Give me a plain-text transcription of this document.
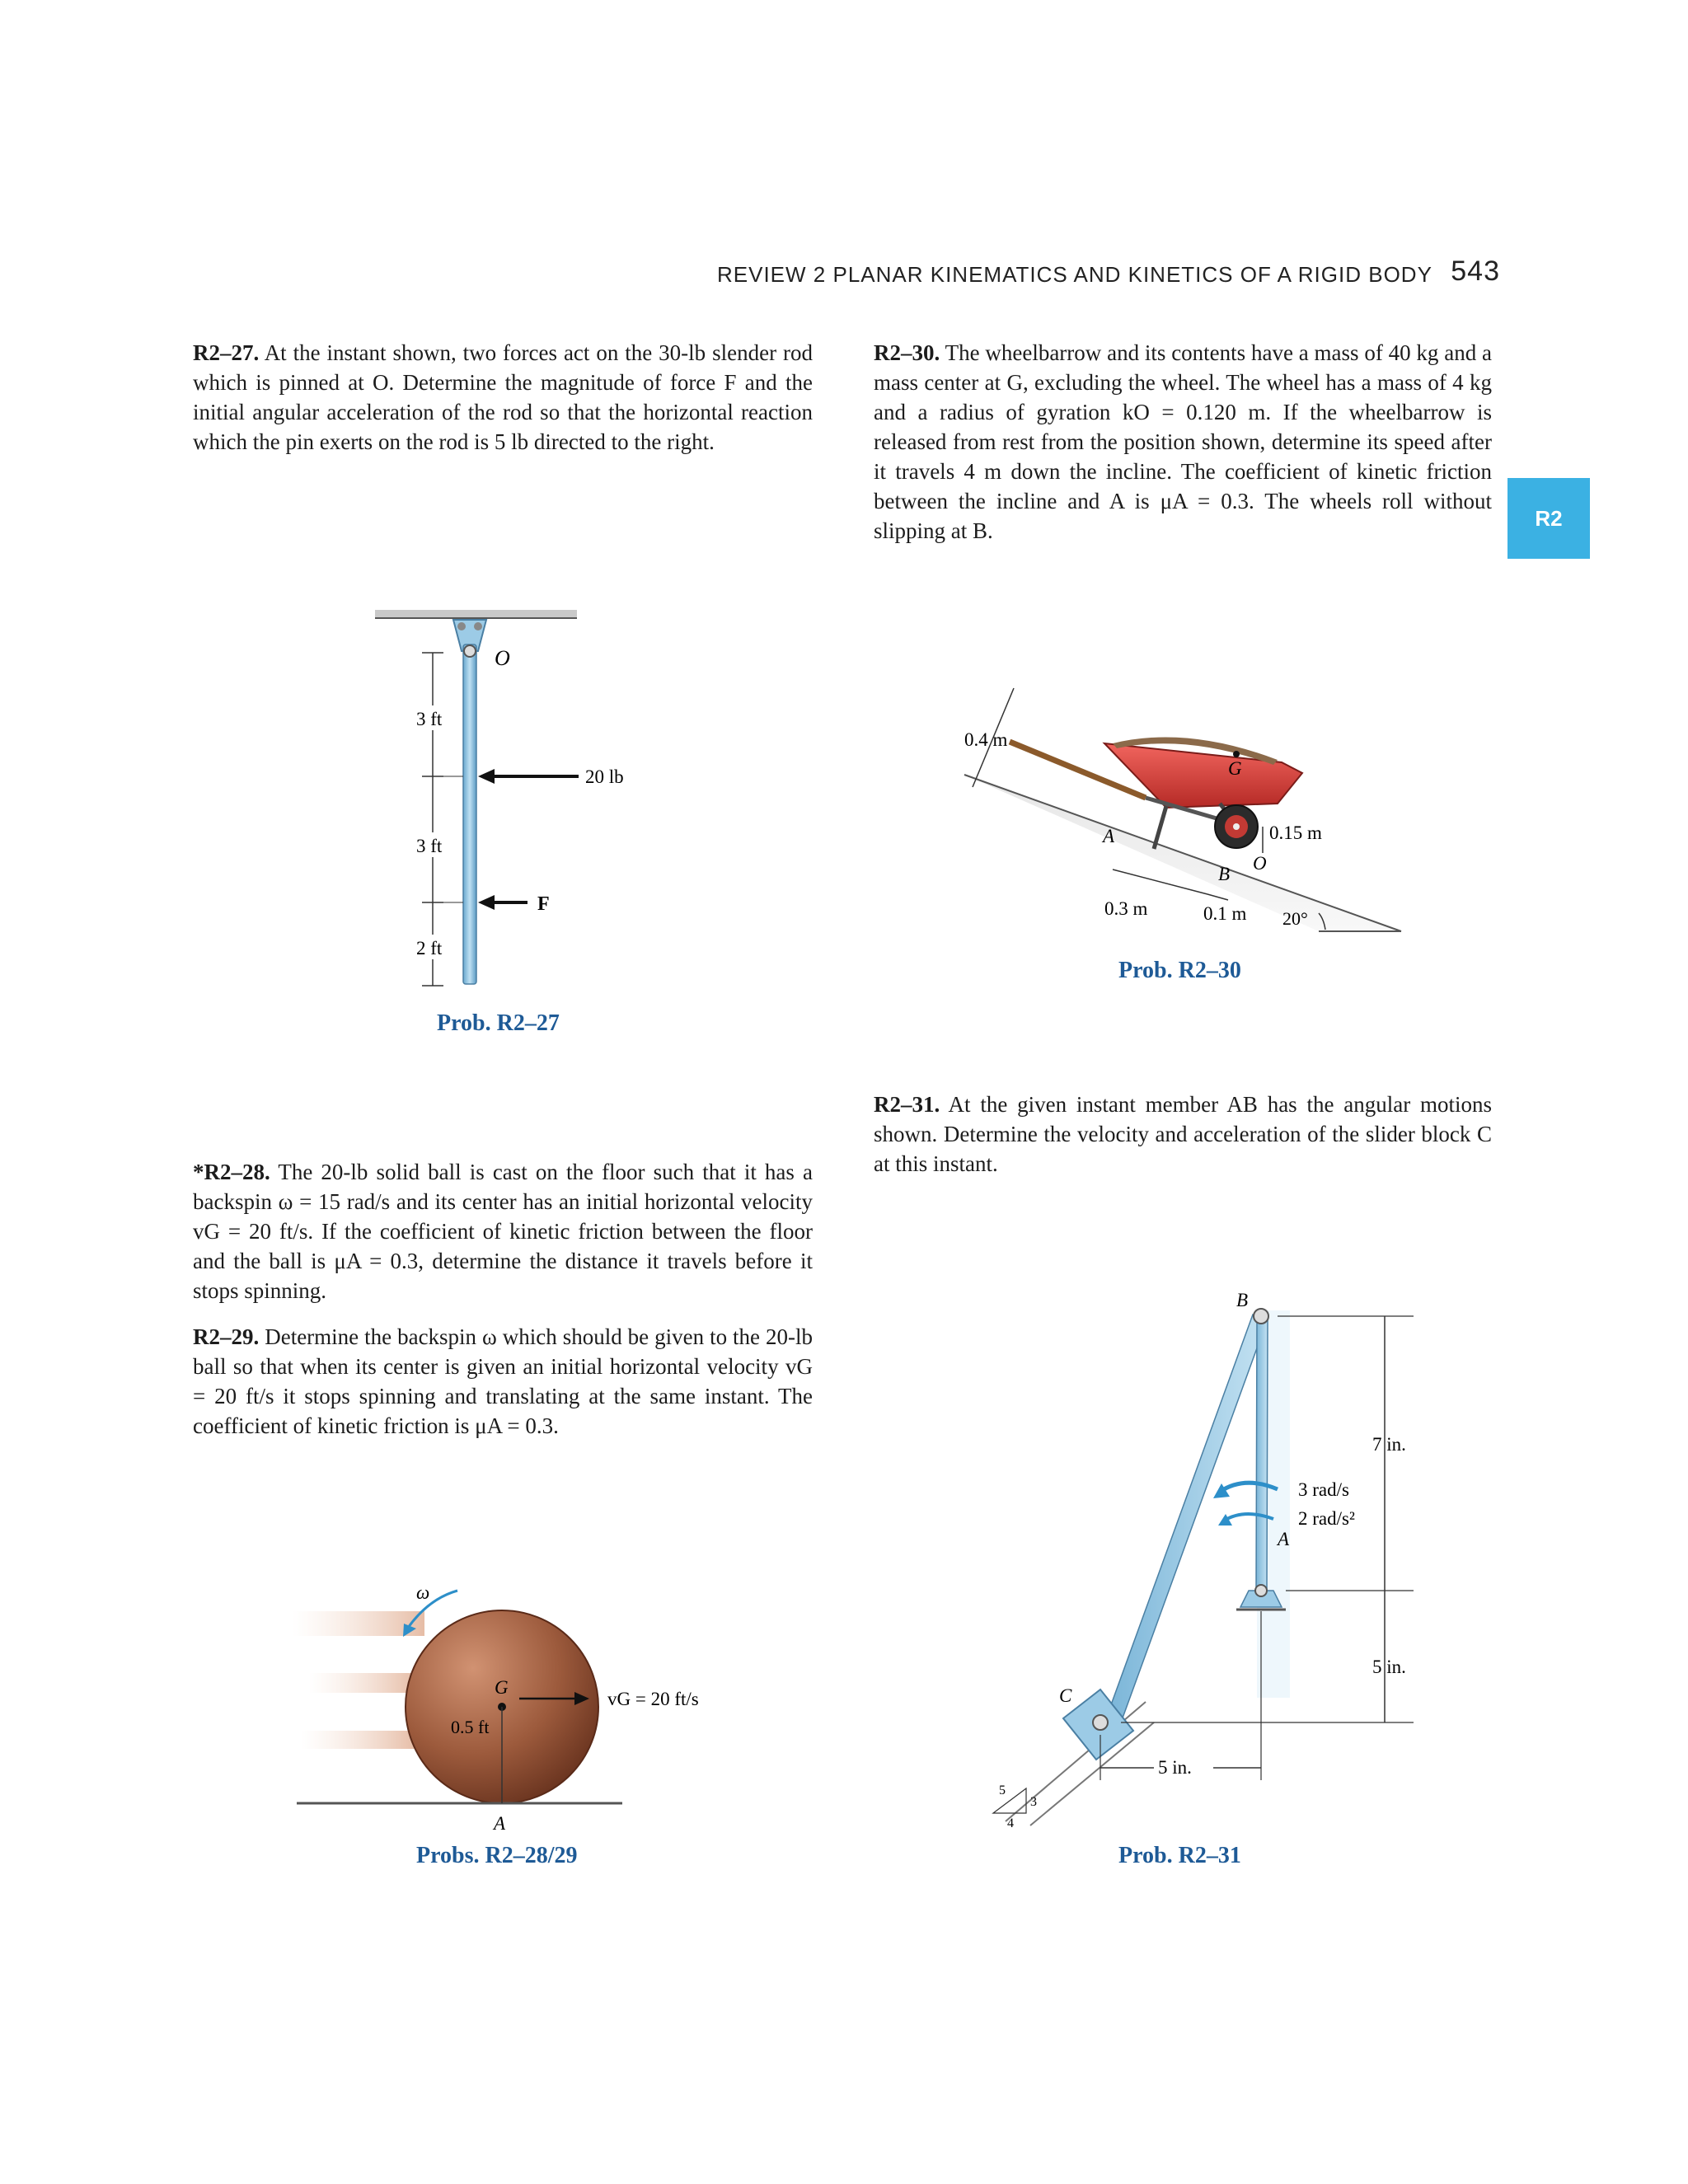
REVIEW 2 PLANAR KINEMATICS AND KINETICS OF A RIGID BODY 543
R2
R2–27. At the instant shown, two forces act on the 30-lb slender rod which is pinned at O. Determine the magnitude of force F and the initial angular acceleration of the rod so that the horizontal reaction which the pin exerts on the rod is 5 lb directed to the right.
*R2–28. The 20-lb solid ball is cast on the floor such that it has a backspin ω = 15 rad/s and its center has an initial horizontal velocity vG = 20 ft/s. If the coefficient of kinetic friction between the floor and the ball is μA = 0.3, determine the distance it travels before it stops spinning.
R2–29. Determine the backspin ω which should be given to the 20-lb ball so that when its center is given an initial horizontal velocity vG = 20 ft/s it stops spinning and translating at the same instant. The coefficient of kinetic friction is μA = 0.3.
R2–30. The wheelbarrow and its contents have a mass of 40 kg and a mass center at G, excluding the wheel. The wheel has a mass of 4 kg and a radius of gyration kO = 0.120 m. If the wheelbarrow is released from rest from the position shown, determine its speed after it travels 4 m down the incline. The coefficient of kinetic friction between the incline and A is μA = 0.3. The wheels roll without slipping at B.
R2–31. At the given instant member AB has the angular motions shown. Determine the velocity and acceleration of the slider block C at this instant.
O
3 ft
3 ft
2 ft
20 lb
F
Prob. R2–27
ω
G
0.5 ft
vG = 20 ft/s
A
Probs. R2–28/29
20°
G
A
B
O
0.15 m
0.4 m
0.3 m	0.1 m
Prob. R2–30
B
A
3 rad/s
2 rad/s²
C
7 in.
5 in.
5 in.
5
3
4
Prob. R2–31
